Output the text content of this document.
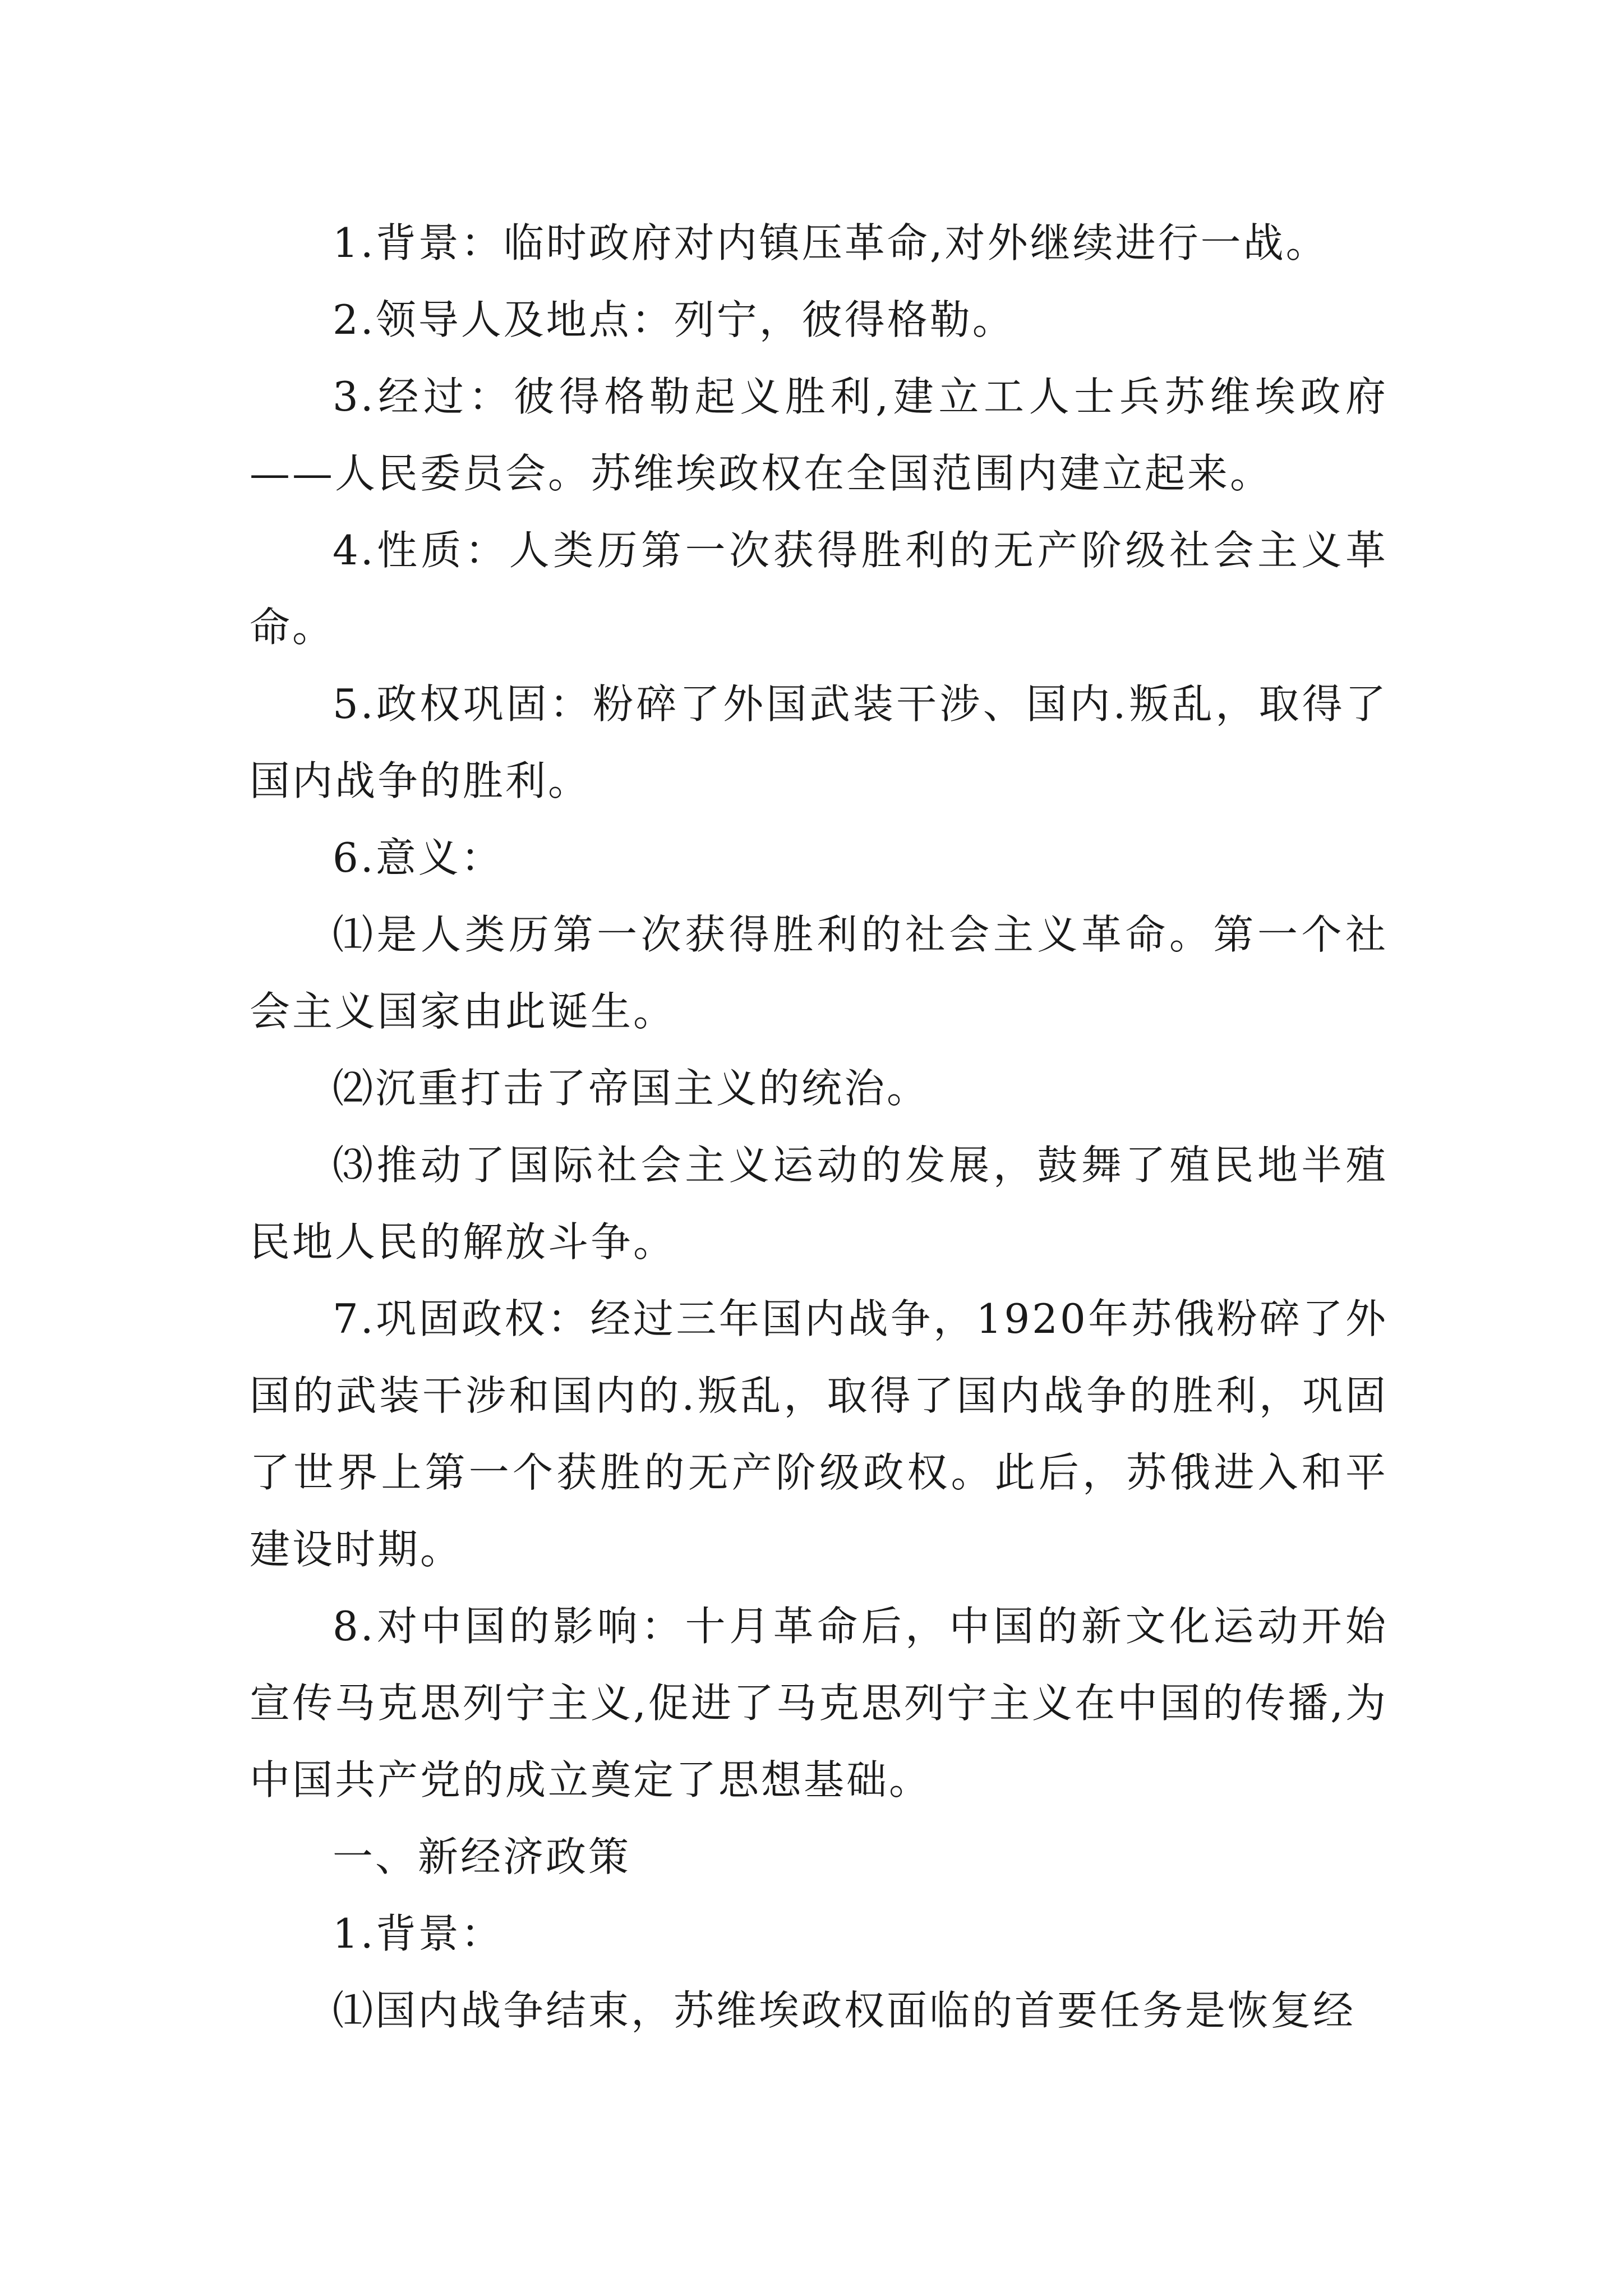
1.背景：临时政府对内镇压革命,对外继续进行一战。

2.领导人及地点：列宁，彼得格勒。

3.经过：彼得格勒起义胜利,建立工人士兵苏维埃政府——人民委员会。苏维埃政权在全国范围内建立起来。

4.性质：人类历第一次获得胜利的无产阶级社会主义革命。

5.政权巩固：粉碎了外国武装干涉、国内.叛乱，取得了国内战争的胜利。

6.意义：

⑴是人类历第一次获得胜利的社会主义革命。第一个社会主义国家由此诞生。

⑵沉重打击了帝国主义的统治。

⑶推动了国际社会主义运动的发展，鼓舞了殖民地半殖民地人民的解放斗争。

7.巩固政权：经过三年国内战争，1920年苏俄粉碎了外国的武装干涉和国内的.叛乱，取得了国内战争的胜利，巩固了世界上第一个获胜的无产阶级政权。此后，苏俄进入和平建设时期。

8.对中国的影响：十月革命后，中国的新文化运动开始宣传马克思列宁主义,促进了马克思列宁主义在中国的传播,为中国共产党的成立奠定了思想基础。

一、新经济政策

1.背景：

⑴国内战争结束，苏维埃政权面临的首要任务是恢复经
